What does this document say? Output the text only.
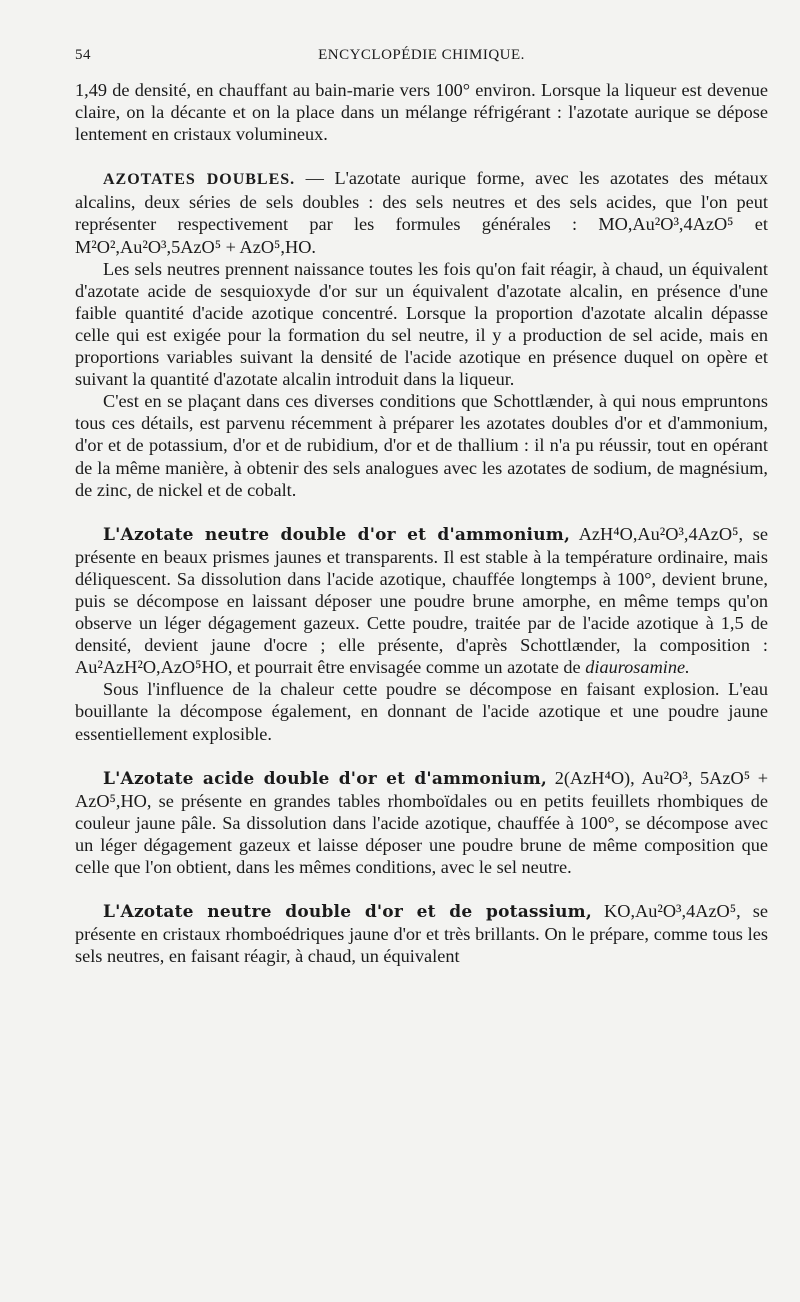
54	ENCYCLOPÉDIE CHIMIQUE.

1,49 de densité, en chauffant au bain-marie vers 100° environ. Lorsque la liqueur est devenue claire, on la décante et on la place dans un mélange réfrigérant : l'azotate aurique se dépose lentement en cristaux volumineux.

AZOTATES DOUBLES. — L'azotate aurique forme, avec les azotates des métaux alcalins, deux séries de sels doubles : des sels neutres et des sels acides, que l'on peut représenter respectivement par les formules générales : MO,Au²O³,4AzO⁵ et M²O²,Au²O³,5AzO⁵ + AzO⁵,HO.

Les sels neutres prennent naissance toutes les fois qu'on fait réagir, à chaud, un équivalent d'azotate acide de sesquioxyde d'or sur un équivalent d'azotate alcalin, en présence d'une faible quantité d'acide azotique concentré. Lorsque la proportion d'azotate alcalin dépasse celle qui est exigée pour la formation du sel neutre, il y a production de sel acide, mais en proportions variables suivant la densité de l'acide azotique en présence duquel on opère et suivant la quantité d'azotate alcalin introduit dans la liqueur.

C'est en se plaçant dans ces diverses conditions que Schottlænder, à qui nous empruntons tous ces détails, est parvenu récemment à préparer les azotates doubles d'or et d'ammonium, d'or et de potassium, d'or et de rubidium, d'or et de thallium : il n'a pu réussir, tout en opérant de la même manière, à obtenir des sels analogues avec les azotates de sodium, de magnésium, de zinc, de nickel et de cobalt.

L'Azotate neutre double d'or et d'ammonium, AzH⁴O,Au²O³,4AzO⁵, se présente en beaux prismes jaunes et transparents. Il est stable à la température ordinaire, mais déliquescent. Sa dissolution dans l'acide azotique, chauffée longtemps à 100°, devient brune, puis se décompose en laissant déposer une poudre brune amorphe, en même temps qu'on observe un léger dégagement gazeux. Cette poudre, traitée par de l'acide azotique à 1,5 de densité, devient jaune d'ocre ; elle présente, d'après Schottlænder, la composition : Au²AzH²O,AzO⁵HO, et pourrait être envisagée comme un azotate de diaurosamine.

Sous l'influence de la chaleur cette poudre se décompose en faisant explosion. L'eau bouillante la décompose également, en donnant de l'acide azotique et une poudre jaune essentiellement explosible.

L'Azotate acide double d'or et d'ammonium, 2(AzH⁴O), Au²O³, 5AzO⁵ + AzO⁵,HO, se présente en grandes tables rhomboïdales ou en petits feuillets rhombiques de couleur jaune pâle. Sa dissolution dans l'acide azotique, chauffée à 100°, se décompose avec un léger dégagement gazeux et laisse déposer une poudre brune de même composition que celle que l'on obtient, dans les mêmes conditions, avec le sel neutre.

L'Azotate neutre double d'or et de potassium, KO,Au²O³,4AzO⁵, se présente en cristaux rhomboédriques jaune d'or et très brillants. On le prépare, comme tous les sels neutres, en faisant réagir, à chaud, un équivalent
